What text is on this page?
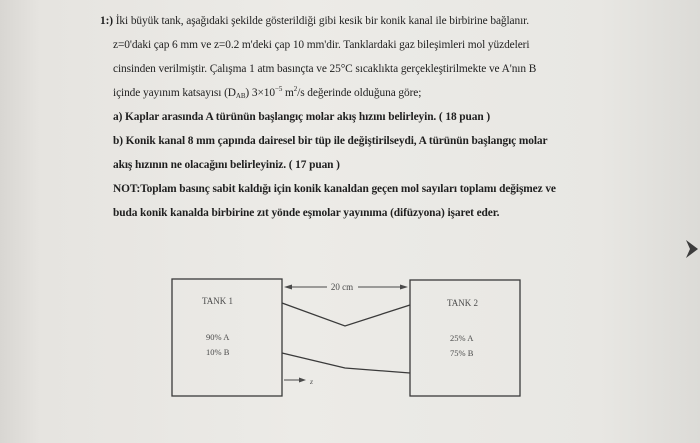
1:) İki büyük tank, aşağıdaki şekilde gösterildiği gibi kesik bir konik kanal ile birbirine bağlanır.
z=0'daki çap 6 mm ve z=0.2 m'deki çap 10 mm'dir. Tanklardaki gaz bileşimleri mol yüzdeleri
cinsinden verilmiştir. Çalışma 1 atm basınçta ve 25°C sıcaklıkta gerçekleştirilmekte ve A'nın B
içinde yayınım katsayısı $(D_{AB})$ $3\times 10^{-5}$ $m^2/s$ değerinde olduğuna göre;
a) Kaplar arasında A türünün başlangıç molar akış hızını belirleyin. ( 18 puan )
b) Konik kanal 8 mm çapında dairesel bir tüp ile değiştirilseydi, A türünün başlangıç molar
akış hızının ne olacağını belirleyiniz. ( 17 puan )
NOT:Toplam basınç sabit kaldığı için konik kanaldan geçen mol sayıları toplamı değişmez ve
buda konik kanalda birbirine zıt yönde eşmolar yayınıma (difüzyona) işaret eder.
20 cm
z
TANK 1
90% A
10% B
TANK 2
25% A
75% B
